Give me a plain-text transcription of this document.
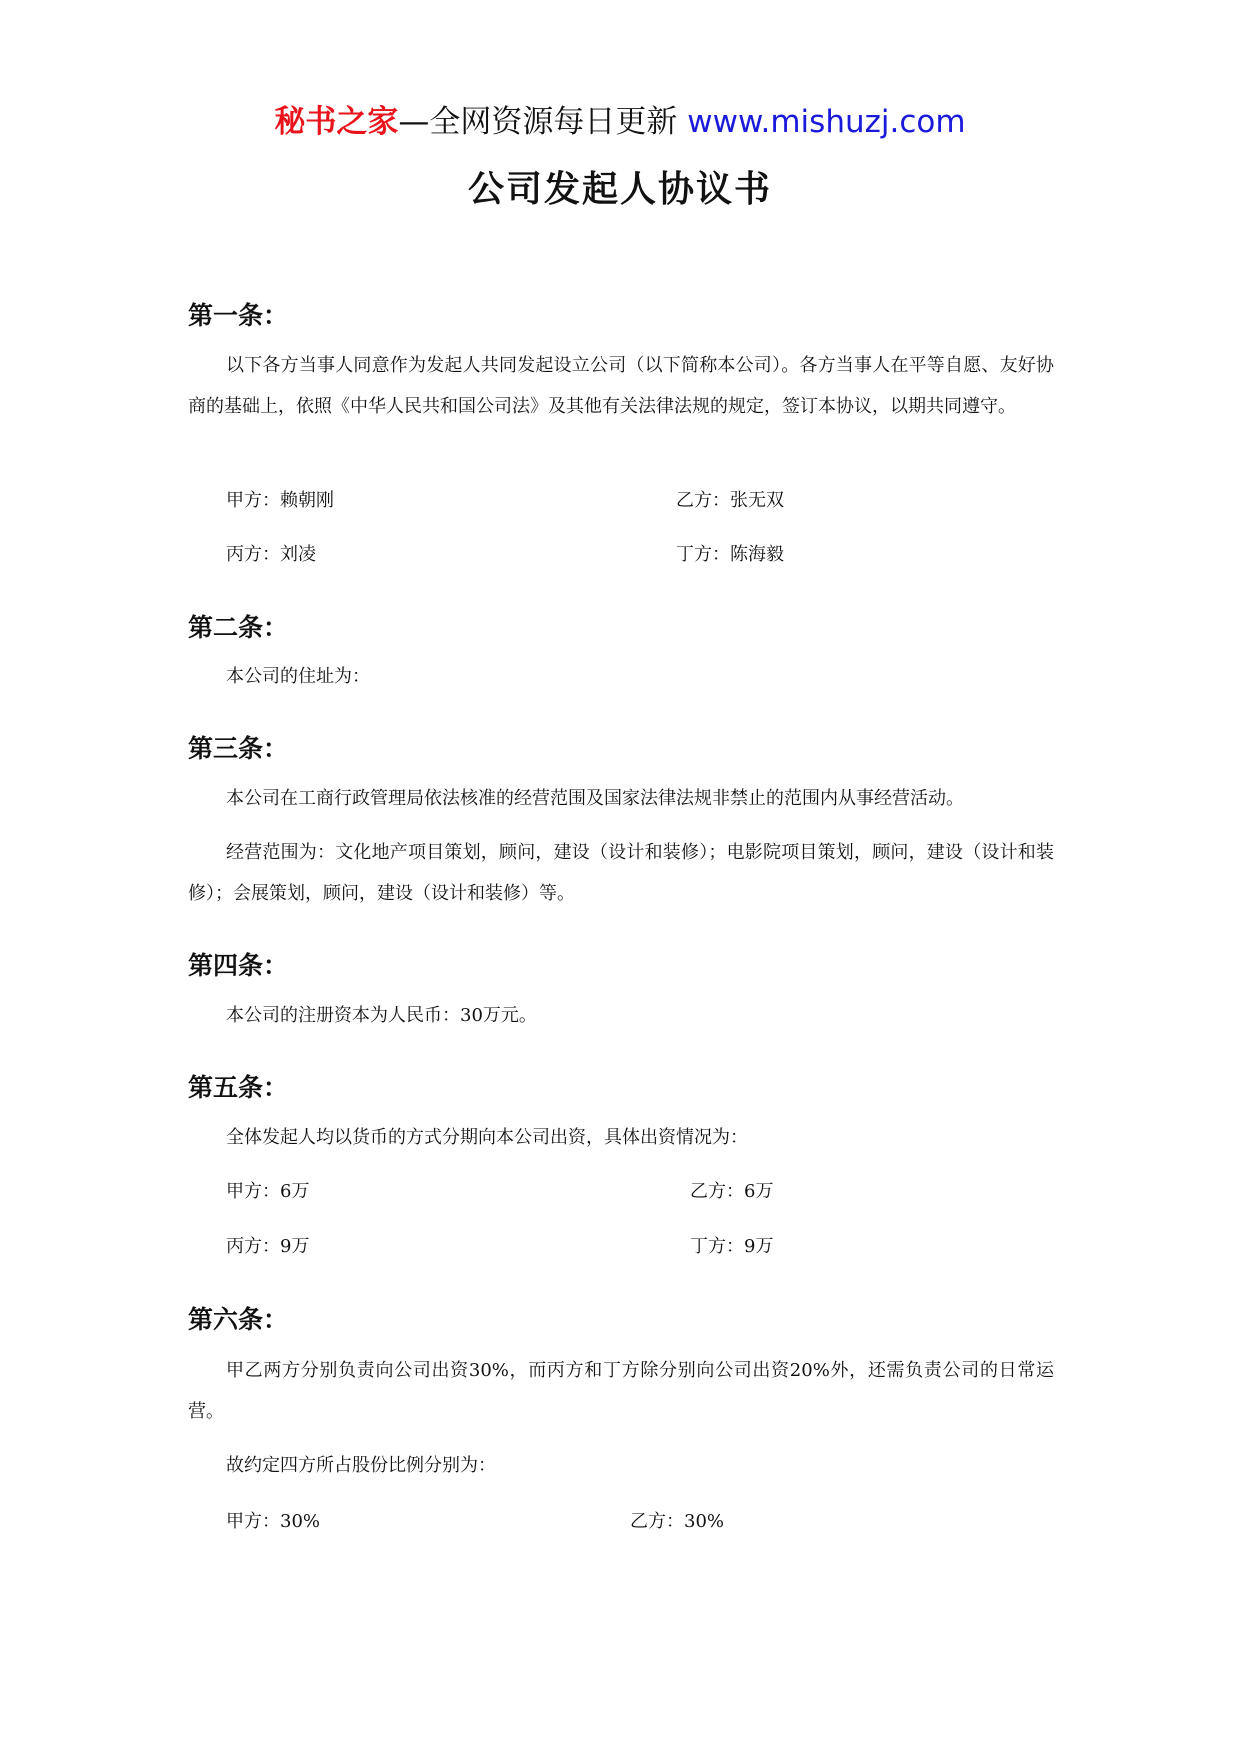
秘书之家—全网资源每日更新 www.mishuzj.com
公司发起人协议书
第一条：

以下各方当事人同意作为发起人共同发起设立公司（以下简称本公司）。各方当事人在平等自愿、友好协商的基础上，依照《中华人民共和国公司法》及其他有关法律法规的规定，签订本协议，以期共同遵守。

甲方：赖朝刚	乙方：张无双
丙方：刘凌	丁方：陈海毅
第二条：

本公司的住址为：

第三条：

本公司在工商行政管理局依法核准的经营范围及国家法律法规非禁止的范围内从事经营活动。

经营范围为：文化地产项目策划，顾问，建设（设计和装修）；电影院项目策划，顾问，建设（设计和装修）；会展策划，顾问，建设（设计和装修）等。

第四条：

本公司的注册资本为人民币：30万元。

第五条：

全体发起人均以货币的方式分期向本公司出资，具体出资情况为：

甲方：6万	乙方：6万
丙方：9万	丁方：9万
第六条：

甲乙两方分别负责向公司出资30%，而丙方和丁方除分别向公司出资20%外，还需负责公司的日常运营。

故约定四方所占股份比例分别为：

甲方：30%	乙方：30%
